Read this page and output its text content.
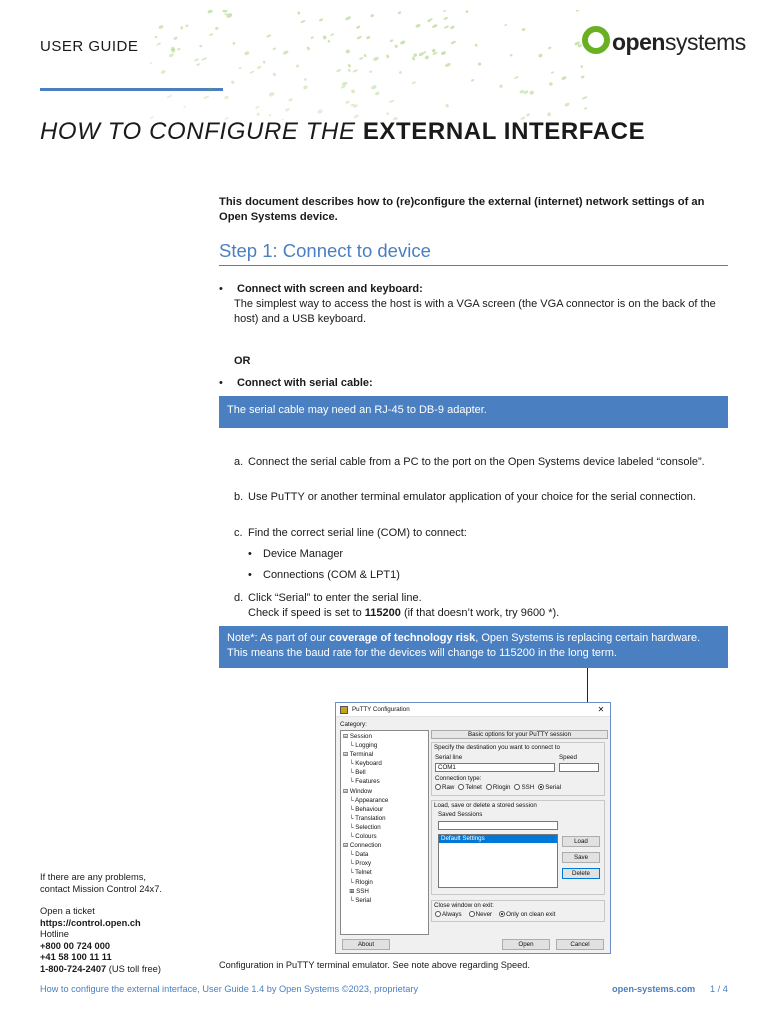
USER GUIDE	open systems
HOW TO CONFIGURE THE EXTERNAL INTERFACE
This document describes how to (re)configure the external (internet) network settings of an Open Systems device.
Step 1: Connect to device
• Connect with screen and keyboard:
The simplest way to access the host is with a VGA screen (the VGA connector is on the back of the host) and a USB keyboard.
OR
• Connect with serial cable:
The serial cable may need an RJ-45 to DB-9 adapter.
a. Connect the serial cable from a PC to the port on the Open Systems device labeled “console”.
b. Use PuTTY or another terminal emulator application of your choice for the serial connection.
c. Find the correct serial line (COM) to connect:
• Device Manager
• Connections (COM & LPT1)
d. Click “Serial” to enter the serial line.
Check if speed is set to 115200 (if that doesn’t work, try 9600 *).
Note*: As part of our coverage of technology risk, Open Systems is replacing certain hardware. This means the baud rate for the devices will change to 115200 in the long term.
PuTTY Configuration	✕
Category:
⊟ Session
 └ Logging
⊟ Terminal
 └ Keyboard
 └ Bell
 └ Features
⊟ Window
 └ Appearance
 └ Behaviour
 └ Translation
 └ Selection
 └ Colours
⊟ Connection
 └ Data
 └ Proxy
 └ Telnet
 └ Rlogin
 ⊞ SSH
 └ Serial
Basic options for your PuTTY session
Specify the destination you want to connect to
Serial line	Speed
COM1
Connection type:
Raw Telnet Rlogin SSH Serial
Load, save or delete a stored session
Saved Sessions
Default Settings	Load
Save
Delete
Close window on exit:
Always Never Only on clean exit
About	Open	Cancel
Configuration in PuTTY terminal emulator. See note above regarding Speed.
If there are any problems,
contact Mission Control 24x7.
Open a ticket
https://control.open.ch
Hotline
+800 00 724 000
+41 58 100 11 11
1-800-724-2407 (US toll free)
How to configure the external interface, User Guide 1.4 by Open Systems ©2023, proprietary	open-systems.com 1 / 4
